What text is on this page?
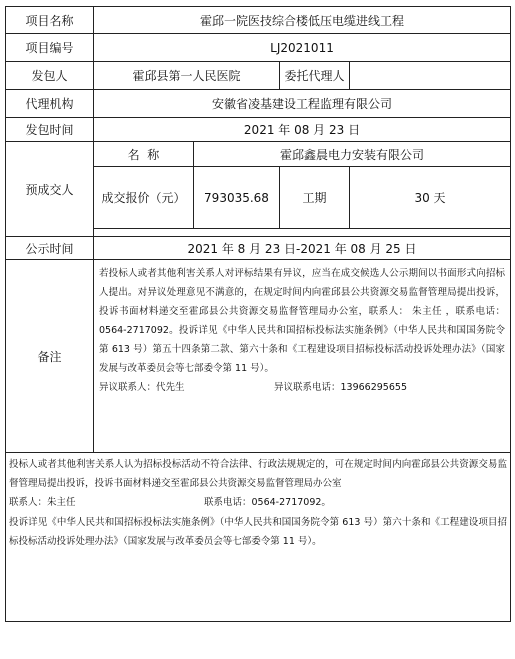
项目名称	霍邱一院医技综合楼低压电缆进线工程			
项目编号	LJ2021011			
发包人	霍邱县第一人民医院		委托代理人	
代理机构	安徽省凌基建设工程监理有限公司			
发包时间	2021 年 08 月 23 日			
预成交人	名  称	霍邱鑫晨电力安装有限公司		
	成交报价（元）	793035.68	工期	30 天

公示时间	2021 年 8 月 23 日-2021 年 08 月 25 日			
备注	若投标人或者其他利害关系人对评标结果有异议，应当在成交候选人公示期间以书面形式向招标人提出。对异议处理意见不满意的，在规定时间内向霍邱县公共资源交易监督管理局提出投诉，投诉书面材料递交至霍邱县公共资源交易监督管理局办公室，联系人： 朱主任 ，联系电话：0564-2717092。投诉详见《中华人民共和国招标投标法实施条例》（中华人民共和国国务院令第 613 号）第五十四条第二款、第六十条和《工程建设项目招标投标活动投诉处理办法》（国家发展与改革委员会等七部委令第 11 号）。

异议联系人：代先生 异议联系电话：13966295655			

投标人或者其他利害关系人认为招标投标活动不符合法律、行政法规规定的，可在规定时间内向霍邱县公共资源交易监督管理局提出投诉，投诉书面材料递交至霍邱县公共资源交易监督管理局办公室

联系人：朱主任 联系电话：0564-2717092。

投诉详见《中华人民共和国招标投标法实施条例》（中华人民共和国国务院令第 613 号）第六十条和《工程建设项目招标投标活动投诉处理办法》（国家发展与改革委员会等七部委令第 11 号）。				
